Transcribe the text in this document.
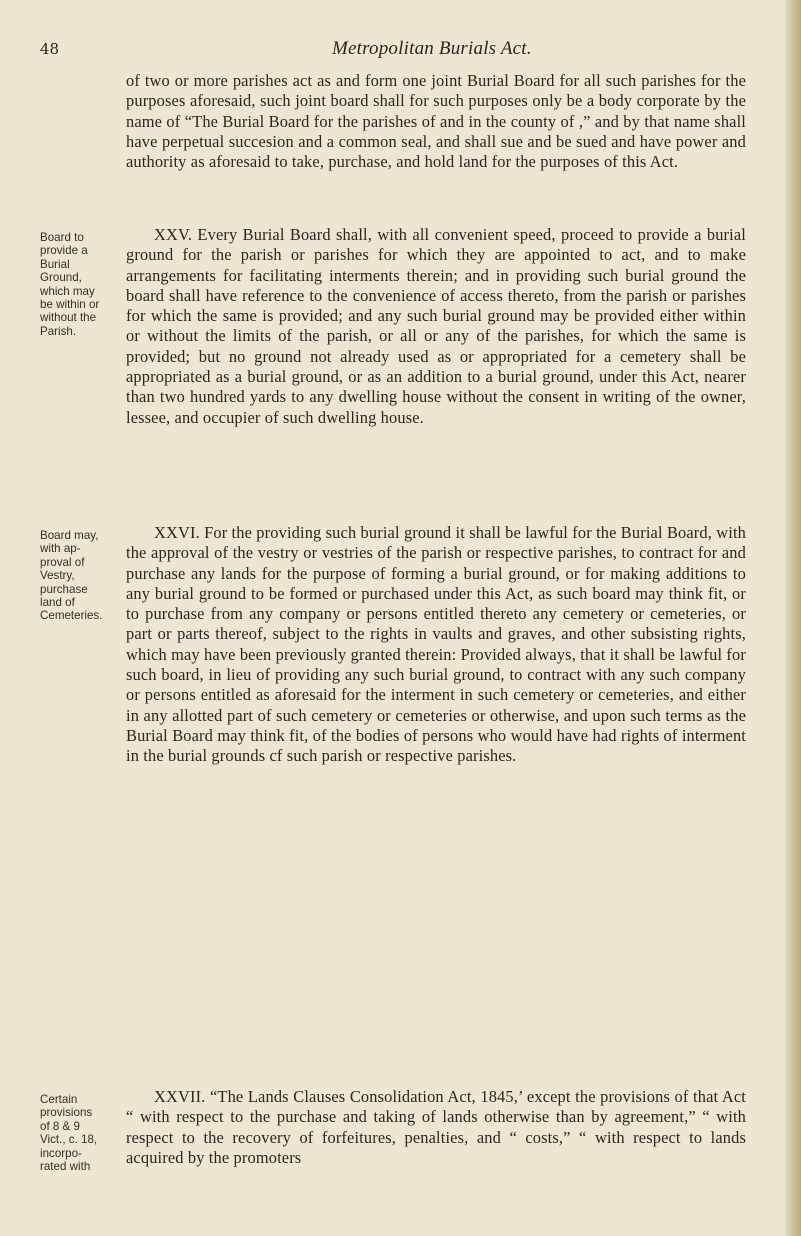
48	Metropolitan Burials Act.

of two or more parishes act as and form one joint Burial Board for all such parishes for the purposes aforesaid, such joint board shall for such purposes only be a body corporate by the name of “The Burial Board for the parishes of and in the county of ,” and by that name shall have perpetual succesion and a common seal, and shall sue and be sued and have power and authority as aforesaid to take, purchase, and hold land for the purposes of this Act.

Board to
provide a
Burial
Ground,
which may
be within or
without the
Parish.

XXV. Every Burial Board shall, with all convenient speed, proceed to provide a burial ground for the parish or parishes for which they are appointed to act, and to make arrangements for facilitating interments therein; and in providing such burial ground the board shall have reference to the convenience of access thereto, from the parish or parishes for which the same is provided; and any such burial ground may be provided either within or without the limits of the parish, or all or any of the parishes, for which the same is provided; but no ground not already used as or appropriated for a cemetery shall be appropriated as a burial ground, or as an addition to a burial ground, under this Act, nearer than two hundred yards to any dwelling house without the consent in writing of the owner, lessee, and occupier of such dwelling house.

Board may,
with ap-
proval of
Vestry,
purchase
land of
Cemeteries.

XXVI. For the providing such burial ground it shall be lawful for the Burial Board, with the approval of the vestry or vestries of the parish or respective parishes, to contract for and purchase any lands for the purpose of forming a burial ground, or for making additions to any burial ground to be formed or purchased under this Act, as such board may think fit, or to purchase from any company or persons entitled thereto any cemetery or cemeteries, or part or parts thereof, subject to the rights in vaults and graves, and other subsisting rights, which may have been previously granted therein: Provided always, that it shall be lawful for such board, in lieu of providing any such burial ground, to contract with any such company or persons entitled as aforesaid for the interment in such cemetery or cemeteries, and either in any allotted part of such cemetery or cemeteries or otherwise, and upon such terms as the Burial Board may think fit, of the bodies of persons who would have had rights of interment in the burial grounds cf such parish or respective parishes.

Certain
provisions
of 8 & 9
Vict., c. 18,
incorpo-
rated with

XXVII. “The Lands Clauses Consolidation Act, 1845,’ except the provisions of that Act “ with respect to the purchase and taking of lands otherwise than by agreement,” “ with respect to the recovery of forfeitures, penalties, and “ costs,” “ with respect to lands acquired by the promoters
